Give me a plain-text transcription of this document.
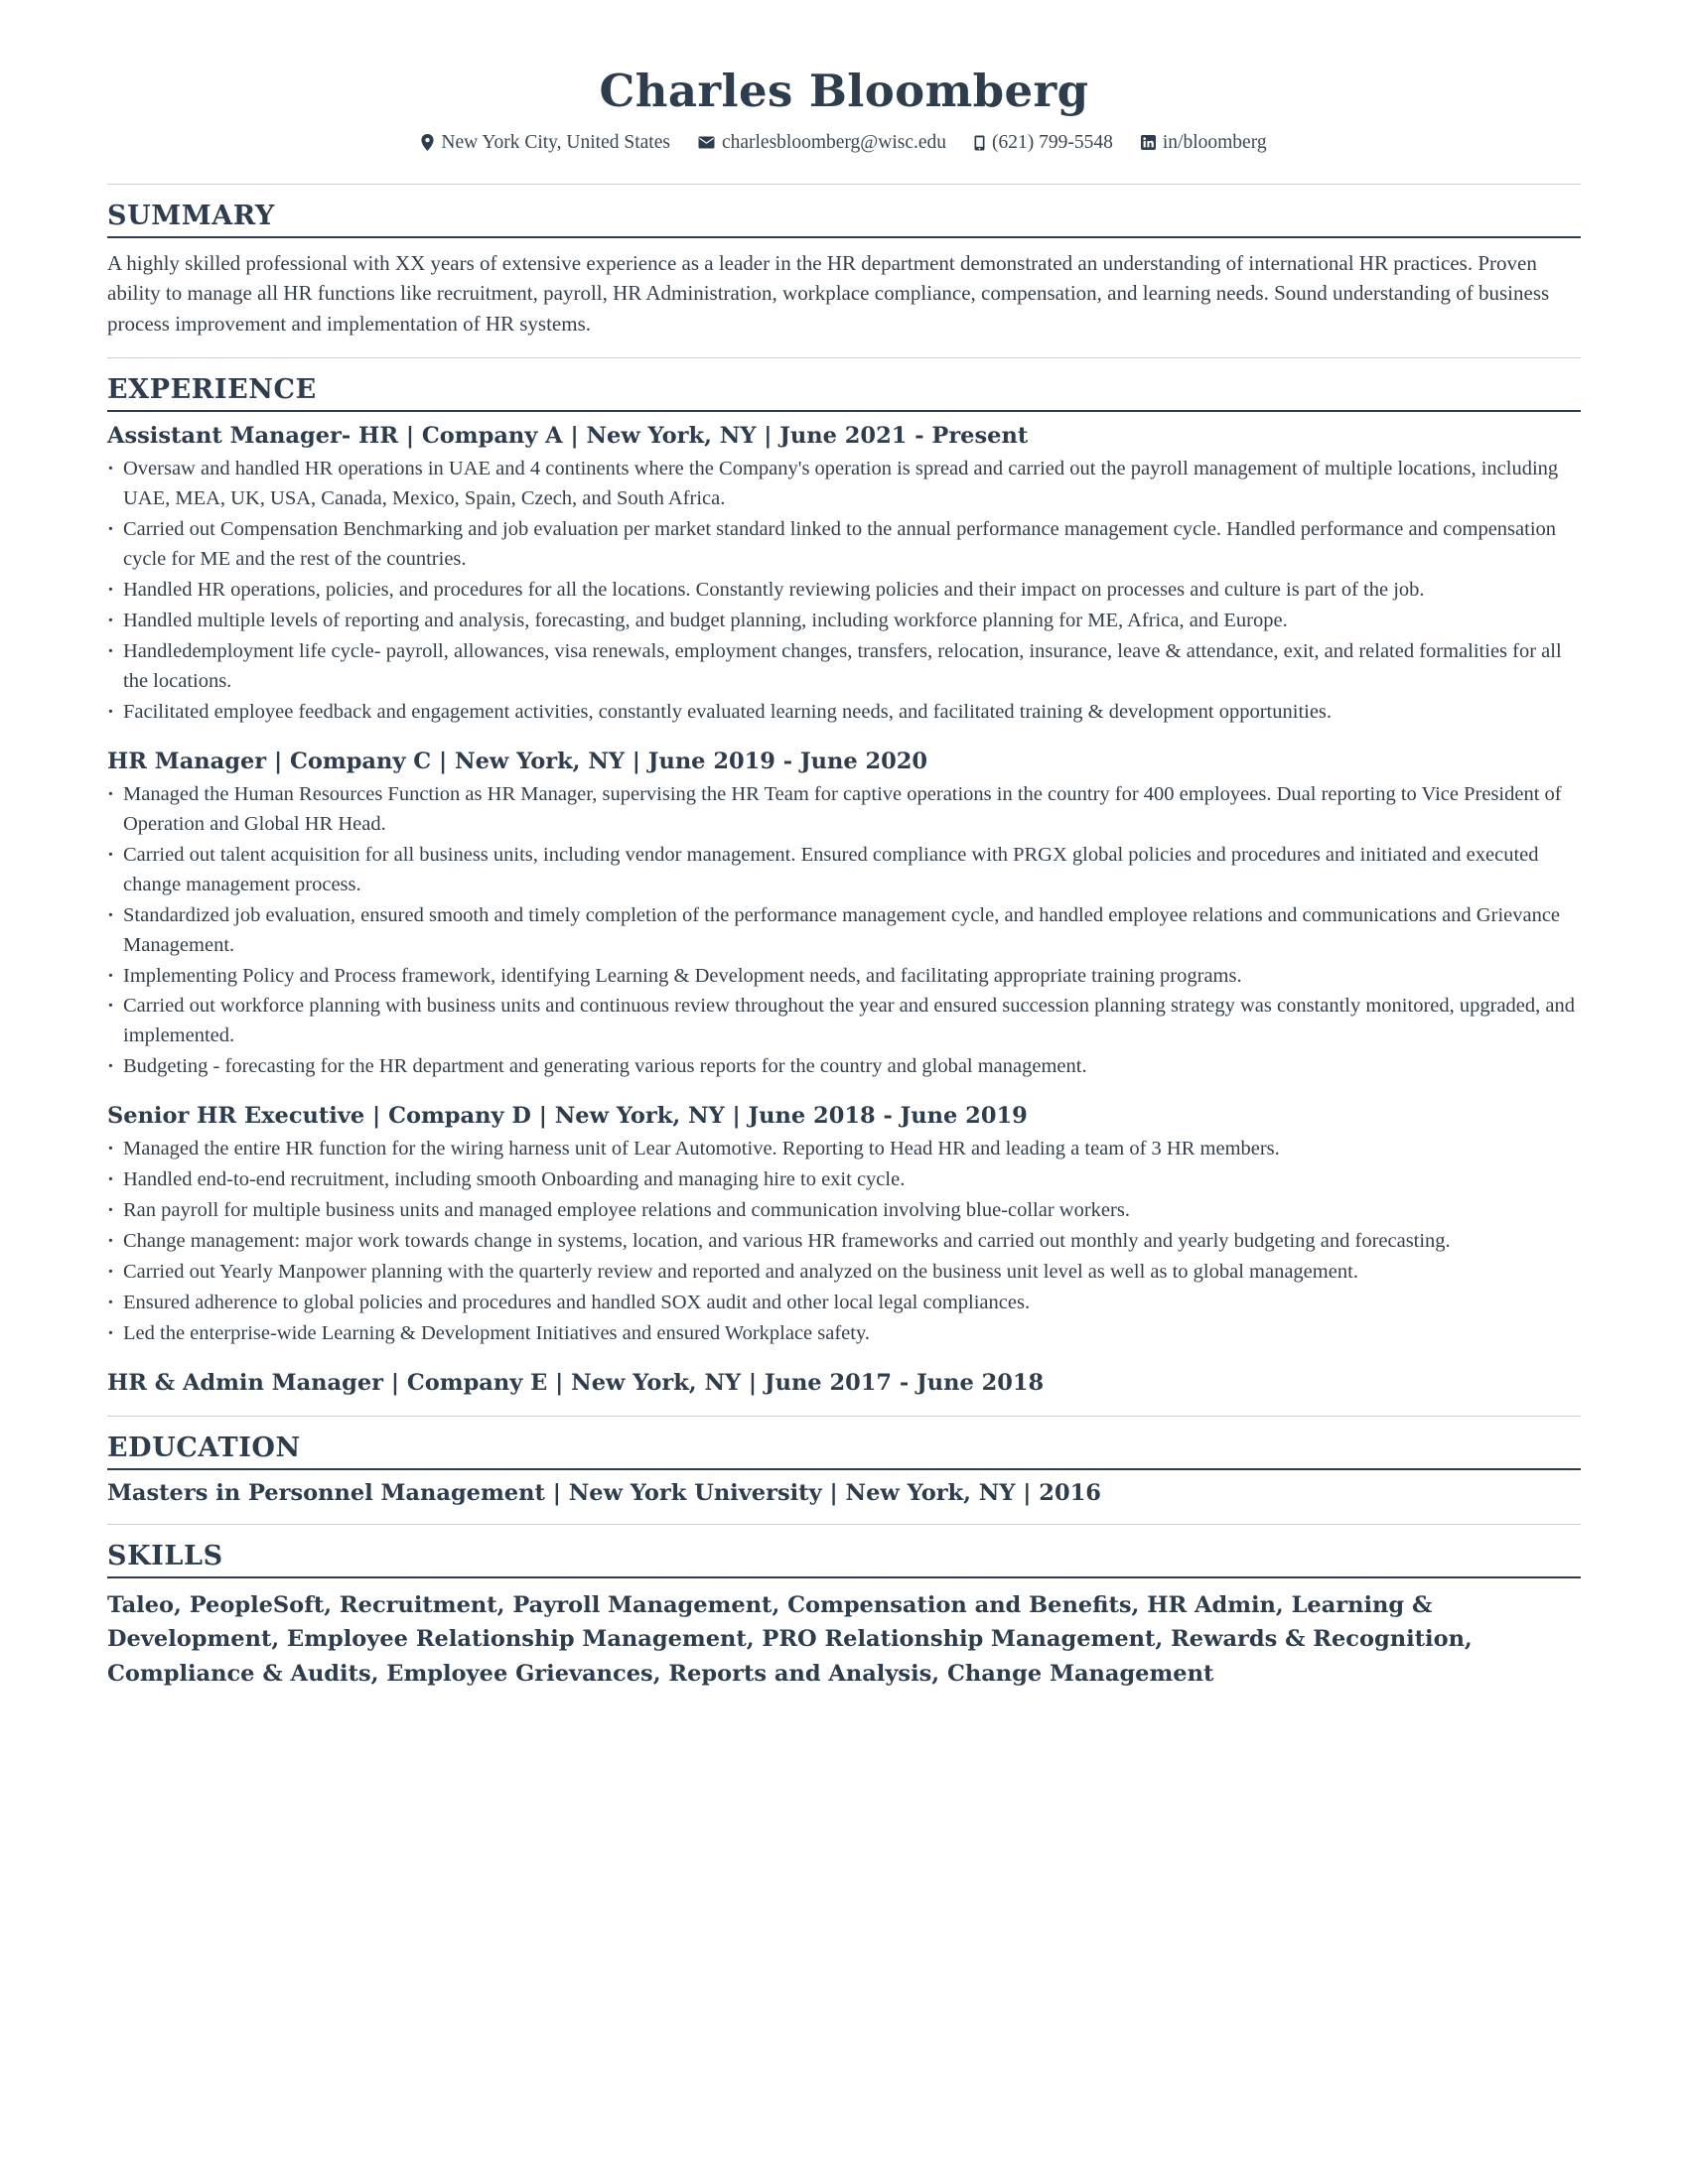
Charles Bloomberg
New York City, United States	charlesbloomberg@wisc.edu (621) 799-5548	in/bloomberg
SUMMARY

A highly skilled professional with XX years of extensive experience as a leader in the HR department demonstrated an understanding of international HR practices. Proven ability to manage all HR functions like recruitment, payroll, HR Administration, workplace compliance, compensation, and learning needs. Sound understanding of business process improvement and implementation of HR systems.

EXPERIENCE
Assistant Manager- HR | Company A | New York, NY | June 2021 - Present

· Oversaw and handled HR operations in UAE and 4 continents where the Company's operation is spread and carried out the payroll management of multiple locations, including UAE, MEA, UK, USA, Canada, Mexico, Spain, Czech, and South Africa.

· Carried out Compensation Benchmarking and job evaluation per market standard linked to the annual performance management cycle. Handled performance and compensation cycle for ME and the rest of the countries.

· Handled HR operations, policies, and procedures for all the locations. Constantly reviewing policies and their impact on processes and culture is part of the job.

· Handled multiple levels of reporting and analysis, forecasting, and budget planning, including workforce planning for ME, Africa, and Europe.

· Handledemployment life cycle- payroll, allowances, visa renewals, employment changes, transfers, relocation, insurance, leave & attendance, exit, and related formalities for all the locations.

· Facilitated employee feedback and engagement activities, constantly evaluated learning needs, and facilitated training & development opportunities.

HR Manager | Company C | New York, NY | June 2019 - June 2020

· Managed the Human Resources Function as HR Manager, supervising the HR Team for captive operations in the country for 400 employees. Dual reporting to Vice President of Operation and Global HR Head.

· Carried out talent acquisition for all business units, including vendor management. Ensured compliance with PRGX global policies and procedures and initiated and executed change management process.

· Standardized job evaluation, ensured smooth and timely completion of the performance management cycle, and handled employee relations and communications and Grievance Management.

· Implementing Policy and Process framework, identifying Learning & Development needs, and facilitating appropriate training programs.

· Carried out workforce planning with business units and continuous review throughout the year and ensured succession planning strategy was constantly monitored, upgraded, and implemented.

· Budgeting - forecasting for the HR department and generating various reports for the country and global management.

Senior HR Executive | Company D | New York, NY | June 2018 - June 2019

· Managed the entire HR function for the wiring harness unit of Lear Automotive. Reporting to Head HR and leading a team of 3 HR members.

· Handled end-to-end recruitment, including smooth Onboarding and managing hire to exit cycle.

· Ran payroll for multiple business units and managed employee relations and communication involving blue-collar workers.

· Change management: major work towards change in systems, location, and various HR frameworks and carried out monthly and yearly budgeting and forecasting.

· Carried out Yearly Manpower planning with the quarterly review and reported and analyzed on the business unit level as well as to global management.

· Ensured adherence to global policies and procedures and handled SOX audit and other local legal compliances.

· Led the enterprise-wide Learning & Development Initiatives and ensured Workplace safety.

HR & Admin Manager | Company E | New York, NY | June 2017 - June 2018
EDUCATION
Masters in Personnel Management | New York University | New York, NY | 2016
SKILLS
Taleo, PeopleSoft, Recruitment, Payroll Management, Compensation and Benefits, HR Admin, Learning & Development, Employee Relationship Management, PRO Relationship Management, Rewards & Recognition, Compliance & Audits, Employee Grievances, Reports and Analysis, Change Management
